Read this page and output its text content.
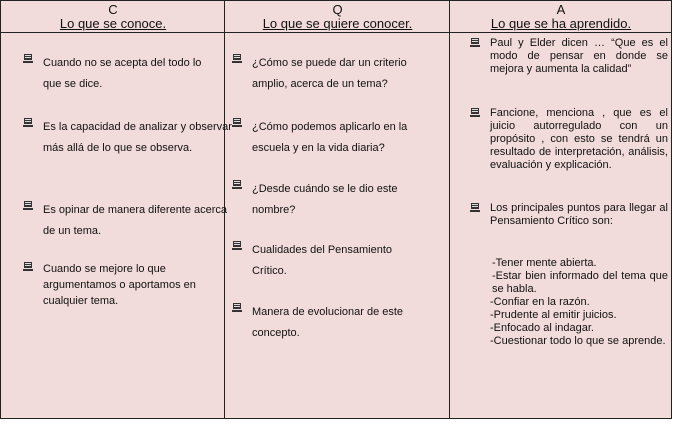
C
Lo que se conoce.
Q
Lo que se quiere conocer.
A
Lo que se ha aprendido.
Cuando no se acepta del todo lo que se dice.
Es la capacidad de analizar y observar más allá de lo que se observa.
Es opinar de manera diferente acerca de un tema.
Cuando se mejore lo que argumentamos o aportamos en cualquier tema.
¿Cómo se puede dar un criterio amplio, acerca de un tema?
¿Cómo podemos aplicarlo en la escuela y en la vida diaria?
¿Desde cuándo se le dio este nombre?
Cualidades del Pensamiento Crítico.
Manera de evolucionar de este concepto.
Paul y Elder dicen … “Que es el modo de pensar en donde se mejora y aumenta la calidad”
Fancione, menciona , que es el juicio autorregulado con un propósito , con esto se tendrá un resultado de interpretación, análisis, evaluación y explicación.
Los principales puntos para llegar al Pensamiento Crítico son:
-Tener mente abierta.
-Estar bien informado del tema que se habla.
-Confiar en la razón.
-Prudente al emitir juicios.
-Enfocado al indagar.
-Cuestionar todo lo que se aprende.
